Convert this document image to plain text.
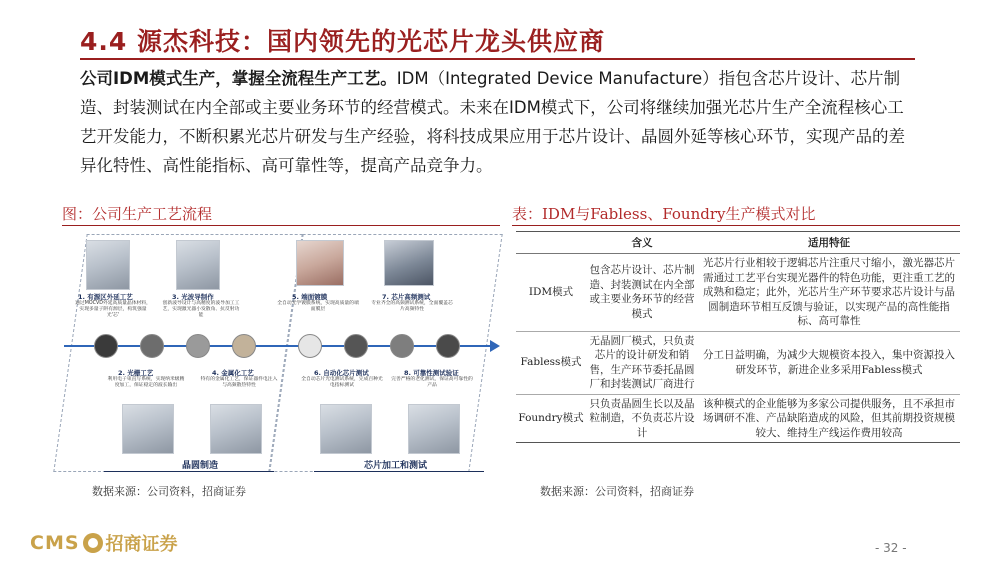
4.4 源杰科技：国内领先的光芯片龙头供应商
公司IDM模式生产，掌握全流程生产工艺。IDM（Integrated Device Manufacture）指包含芯片设计、芯片制造、封装测试在内全部或主要业务环节的经营模式。未来在IDM模式下，公司将继续加强光芯片生产全流程核心工艺开发能力，不断积累光芯片研发与生产经验，将科技成果应用于芯片设计、晶圆外延等核心环节，实现产品的差异化特性、高性能指标、高可靠性等，提高产品竞争力。
图：公司生产工艺流程	表：IDM与Fabless、Foundry生产模式对比
1. 有源区外延工艺
通过MOCVD外延高质量晶体材料，实现多量子阱有源层，构筑强量光'芯'
3. 光波导制作
创新波导设计与高精度的波导加工工艺，实现激光器小发散角、抗反射功能
5. 端面镀膜
全自动光学镀膜系统，实现高质量的端面膜层
7. 芯片高频测试
专业齐全的高频测试系统，全面覆盖芯片高频特性
2. 光栅工艺
利用电子束直写系统，实现纳米级精度加工，保证稳定的波长输出
4. 金属化工艺
特有的金属化工艺，保证器件电注入与高频散热特性
6. 自动化芯片测试
全自动芯片光电测试系统，完成百种光电指标测试
8. 可靠性测试验证
完善严格的老化测试，保证高可靠性的产品
晶圆制造	芯片加工和测试
数据来源：公司资料，招商证券
	含义	适用特征
IDM模式	包含芯片设计、芯片制造、封装测试在内全部或主要业务环节的经营模式	光芯片行业相较于逻辑芯片注重尺寸缩小，激光器芯片需通过工艺平台实现光器件的特色功能，更注重工艺的成熟和稳定；此外，光芯片生产环节要求芯片设计与晶圆制造环节相互反馈与验证，以实现产品的高性能指标、高可靠性
Fabless模式	无晶圆厂模式，只负责芯片的设计研发和销售，生产环节委托晶圆厂和封装测试厂商进行	分工日益明确，为减少大规模资本投入，集中资源投入研发环节，新进企业多采用Fabless模式
Foundry模式	只负责晶圆生长以及晶粒制造，不负责芯片设计	该种模式的企业能够为多家公司提供服务，且不承担市场调研不准、产品缺陷造成的风险，但其前期投资规模较大、维持生产线运作费用较高
数据来源：公司资料，招商证券
CMS 招商证券	- 32 -
